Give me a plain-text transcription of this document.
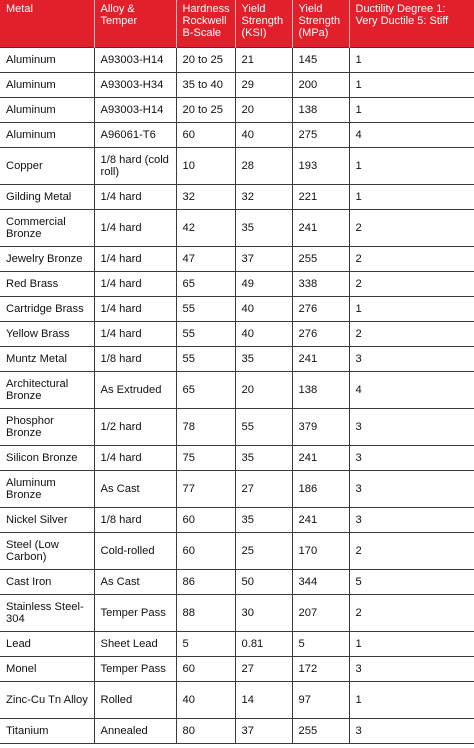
Metal	Alloy & Temper	Hardness Rockwell B-Scale	Yield Strength (KSI)	Yield Strength (MPa)	Ductility Degree 1: Very Ductile 5: Stiff
Aluminum	A93003-H14	20 to 25	21	145	1
Aluminum	A93003-H34	35 to 40	29	200	1
Aluminum	A93003-H14	20 to 25	20	138	1
Aluminum	A96061-T6	60	40	275	4
Copper	1/8 hard (cold roll)	10	28	193	1
Gilding Metal	1/4 hard	32	32	221	1
Commercial Bronze	1/4 hard	42	35	241	2
Jewelry Bronze	1/4 hard	47	37	255	2
Red Brass	1/4 hard	65	49	338	2
Cartridge Brass	1/4 hard	55	40	276	1
Yellow Brass	1/4 hard	55	40	276	2
Muntz Metal	1/8 hard	55	35	241	3
Architectural Bronze	As Extruded	65	20	138	4
Phosphor Bronze	1/2 hard	78	55	379	3
Silicon Bronze	1/4 hard	75	35	241	3
Aluminum Bronze	As Cast	77	27	186	3
Nickel Silver	1/8 hard	60	35	241	3
Steel (Low Carbon)	Cold-rolled	60	25	170	2
Cast Iron	As Cast	86	50	344	5
Stainless Steel-304	Temper Pass	88	30	207	2
Lead	Sheet Lead	5	0.81	5	1
Monel	Temper Pass	60	27	172	3
Zinc-Cu Tn Alloy	Rolled	40	14	97	1
Titanium	Annealed	80	37	255	3
